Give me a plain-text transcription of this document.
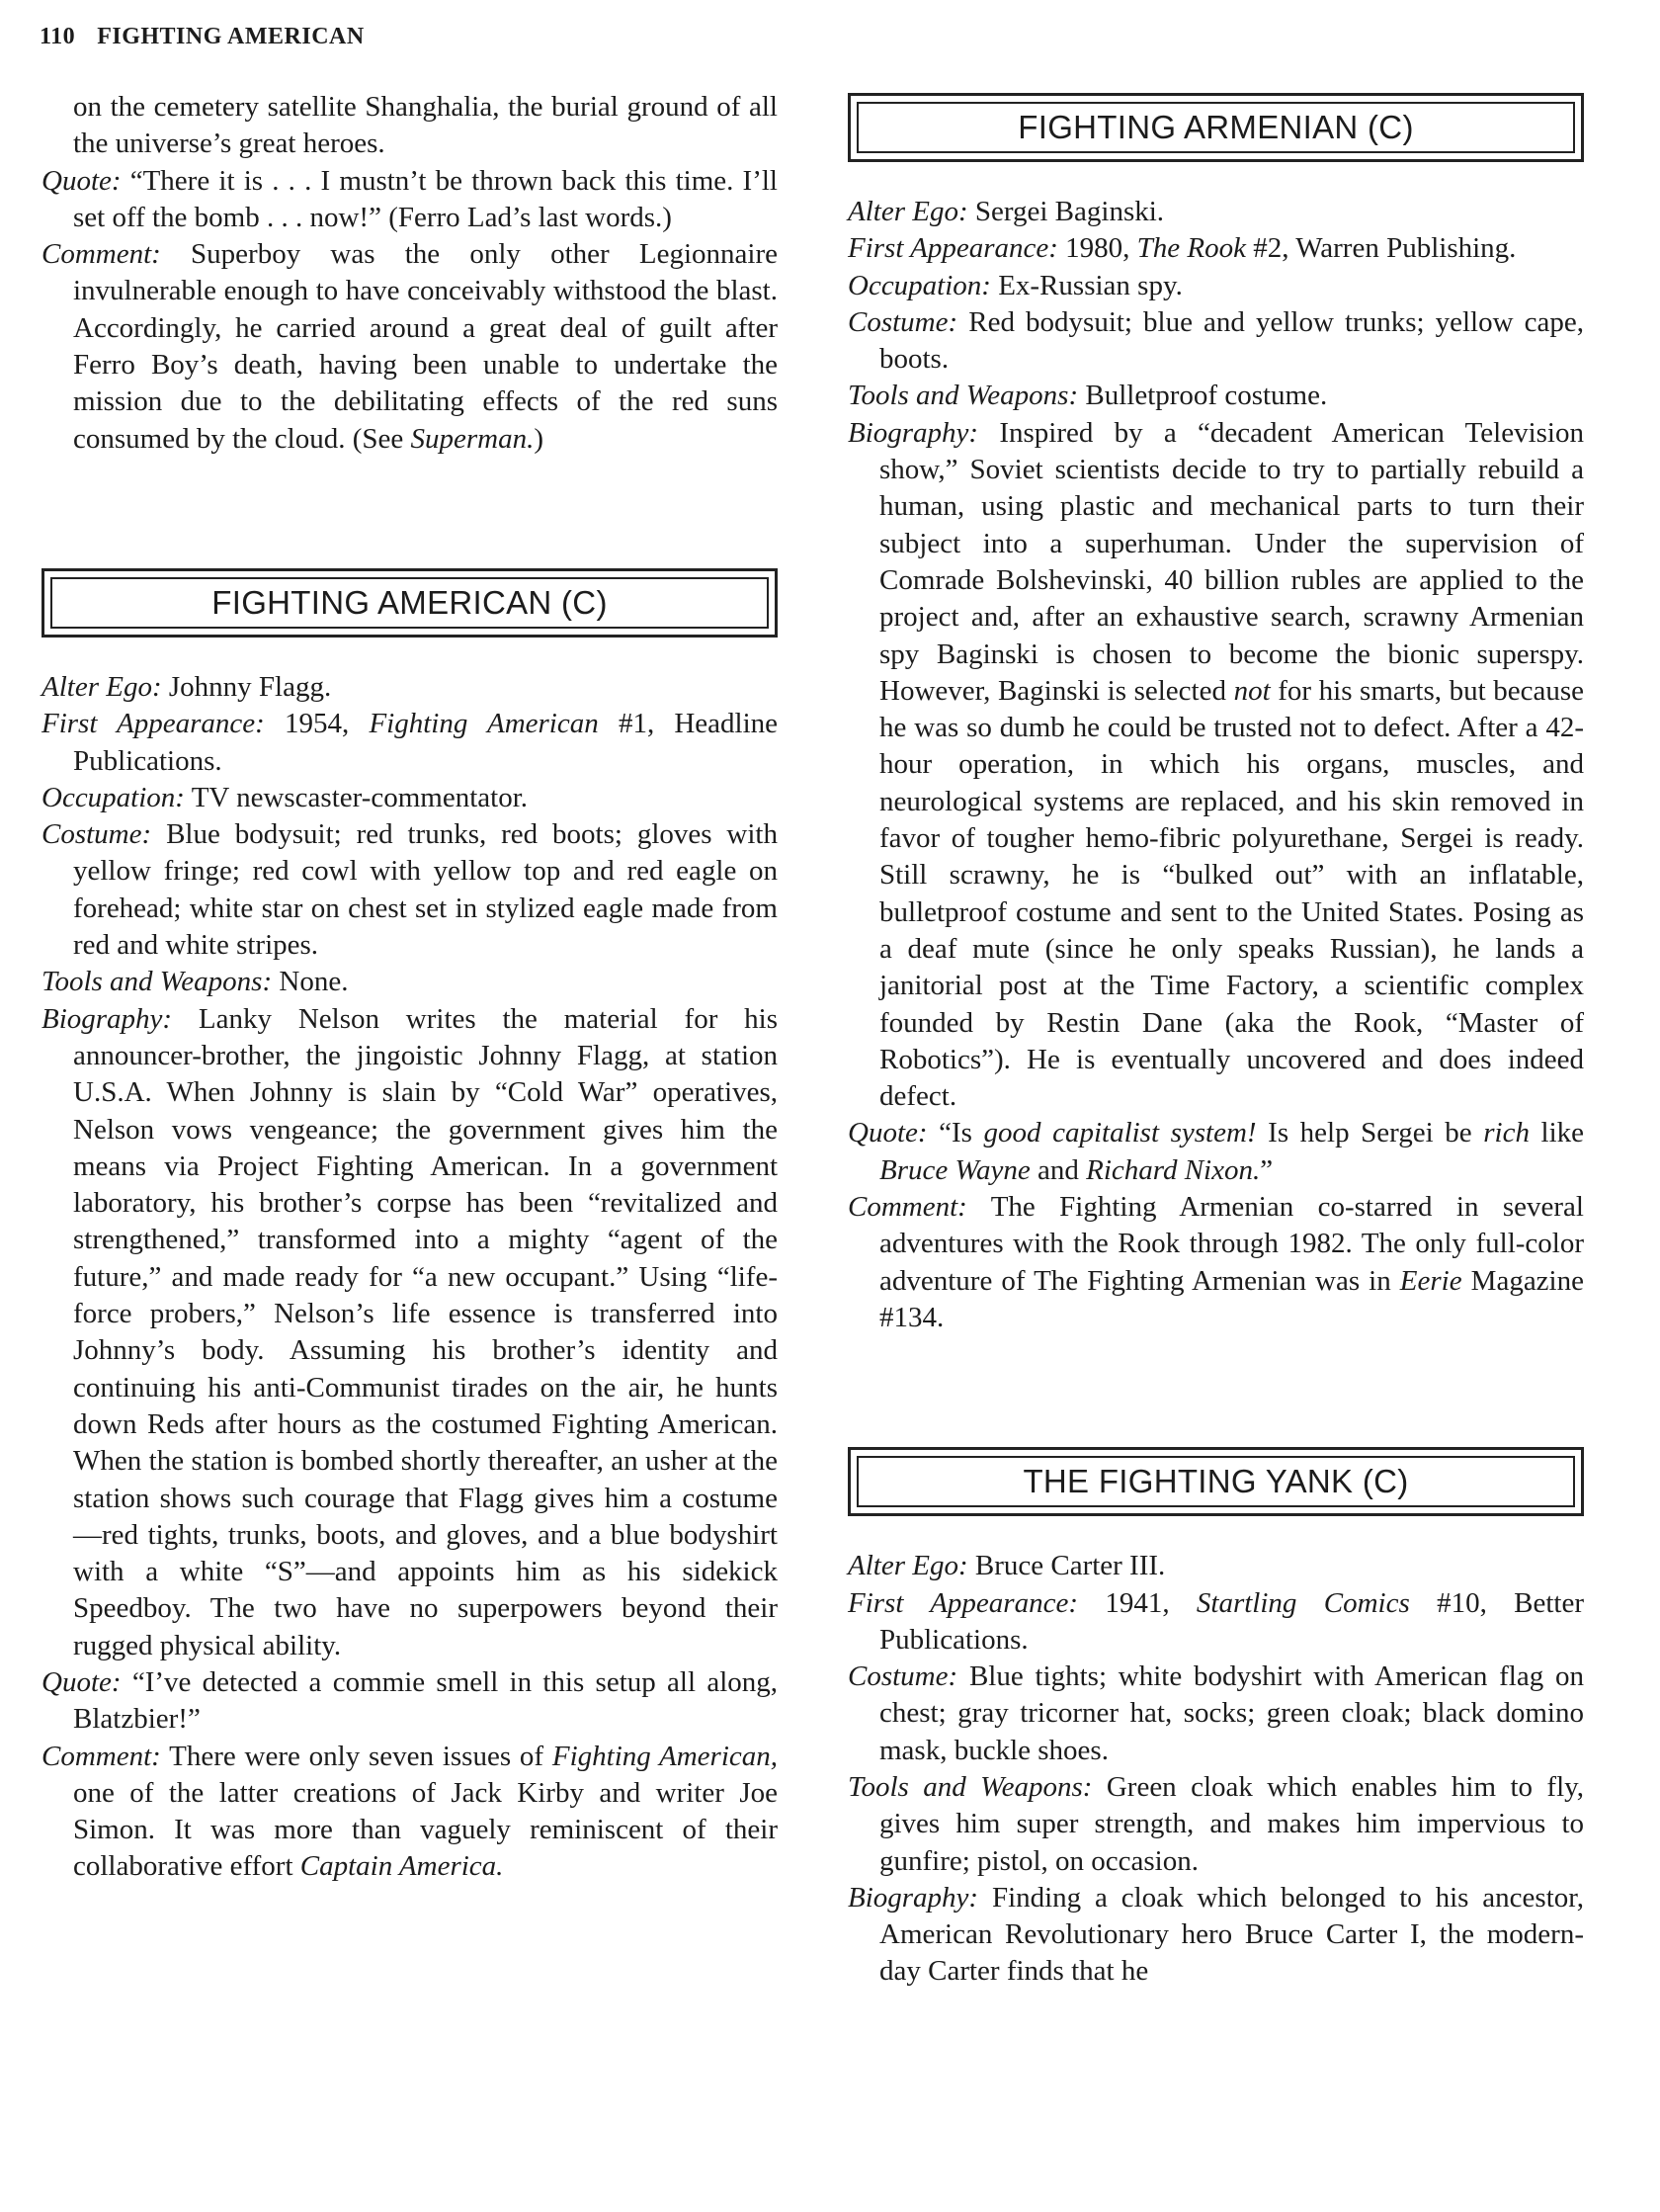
110 FIGHTING AMERICAN

on the cemetery satellite Shanghalia, the burial ground of all the universe’s great heroes.

Quote: “There it is . . . I mustn’t be thrown back this time. I’ll set off the bomb . . . now!” (Ferro Lad’s last words.)

Comment: Superboy was the only other Legionnaire invulnerable enough to have conceivably withstood the blast. Accordingly, he carried around a great deal of guilt after Ferro Boy’s death, having been unable to undertake the mission due to the debilitating effects of the red suns consumed by the cloud. (See Superman.)

FIGHTING AMERICAN (C)

Alter Ego: Johnny Flagg.

First Appearance: 1954, Fighting American #1, Headline Publications.

Occupation: TV newscaster-commentator.

Costume: Blue bodysuit; red trunks, red boots; gloves with yellow fringe; red cowl with yellow top and red eagle on forehead; white star on chest set in stylized eagle made from red and white stripes.

Tools and Weapons: None.

Biography: Lanky Nelson writes the material for his announcer-brother, the jingoistic Johnny Flagg, at station U.S.A. When Johnny is slain by “Cold War” operatives, Nelson vows vengeance; the government gives him the means via Project Fighting American. In a government laboratory, his brother’s corpse has been “revitalized and strengthened,” transformed into a mighty “agent of the future,” and made ready for “a new occupant.” Using “life-force probers,” Nelson’s life essence is transferred into Johnny’s body. Assuming his brother’s identity and continuing his anti-Communist tirades on the air, he hunts down Reds after hours as the costumed Fighting American. When the station is bombed shortly thereafter, an usher at the station shows such courage that Flagg gives him a costume—red tights, trunks, boots, and gloves, and a blue bodyshirt with a white “S”—and appoints him as his sidekick Speedboy. The two have no superpowers beyond their rugged physical ability.

Quote: “I’ve detected a commie smell in this setup all along, Blatzbier!”

Comment: There were only seven issues of Fighting American, one of the latter creations of Jack Kirby and writer Joe Simon. It was more than vaguely reminiscent of their collaborative effort Captain America.

FIGHTING ARMENIAN (C)

Alter Ego: Sergei Baginski.

First Appearance: 1980, The Rook #2, Warren Publishing.

Occupation: Ex-Russian spy.

Costume: Red bodysuit; blue and yellow trunks; yellow cape, boots.

Tools and Weapons: Bulletproof costume.

Biography: Inspired by a “decadent American Television show,” Soviet scientists decide to try to partially rebuild a human, using plastic and mechanical parts to turn their subject into a superhuman. Under the supervision of Comrade Bolshevinski, 40 billion rubles are applied to the project and, after an exhaustive search, scrawny Armenian spy Baginski is chosen to become the bionic superspy. However, Baginski is selected not for his smarts, but because he was so dumb he could be trusted not to defect. After a 42-hour operation, in which his organs, muscles, and neurological systems are replaced, and his skin removed in favor of tougher hemo-fibric polyurethane, Sergei is ready. Still scrawny, he is “bulked out” with an inflatable, bulletproof costume and sent to the United States. Posing as a deaf mute (since he only speaks Russian), he lands a janitorial post at the Time Factory, a scientific complex founded by Restin Dane (aka the Rook, “Master of Robotics”). He is eventually uncovered and does indeed defect.

Quote: “Is good capitalist system! Is help Sergei be rich like Bruce Wayne and Richard Nixon.”

Comment: The Fighting Armenian co-starred in several adventures with the Rook through 1982. The only full-color adventure of The Fighting Armenian was in Eerie Magazine #134.

THE FIGHTING YANK (C)

Alter Ego: Bruce Carter III.

First Appearance: 1941, Startling Comics #10, Better Publications.

Costume: Blue tights; white bodyshirt with American flag on chest; gray tricorner hat, socks; green cloak; black domino mask, buckle shoes.

Tools and Weapons: Green cloak which enables him to fly, gives him super strength, and makes him impervious to gunfire; pistol, on occasion.

Biography: Finding a cloak which belonged to his ancestor, American Revolutionary hero Bruce Carter I, the modern-day Carter finds that he
